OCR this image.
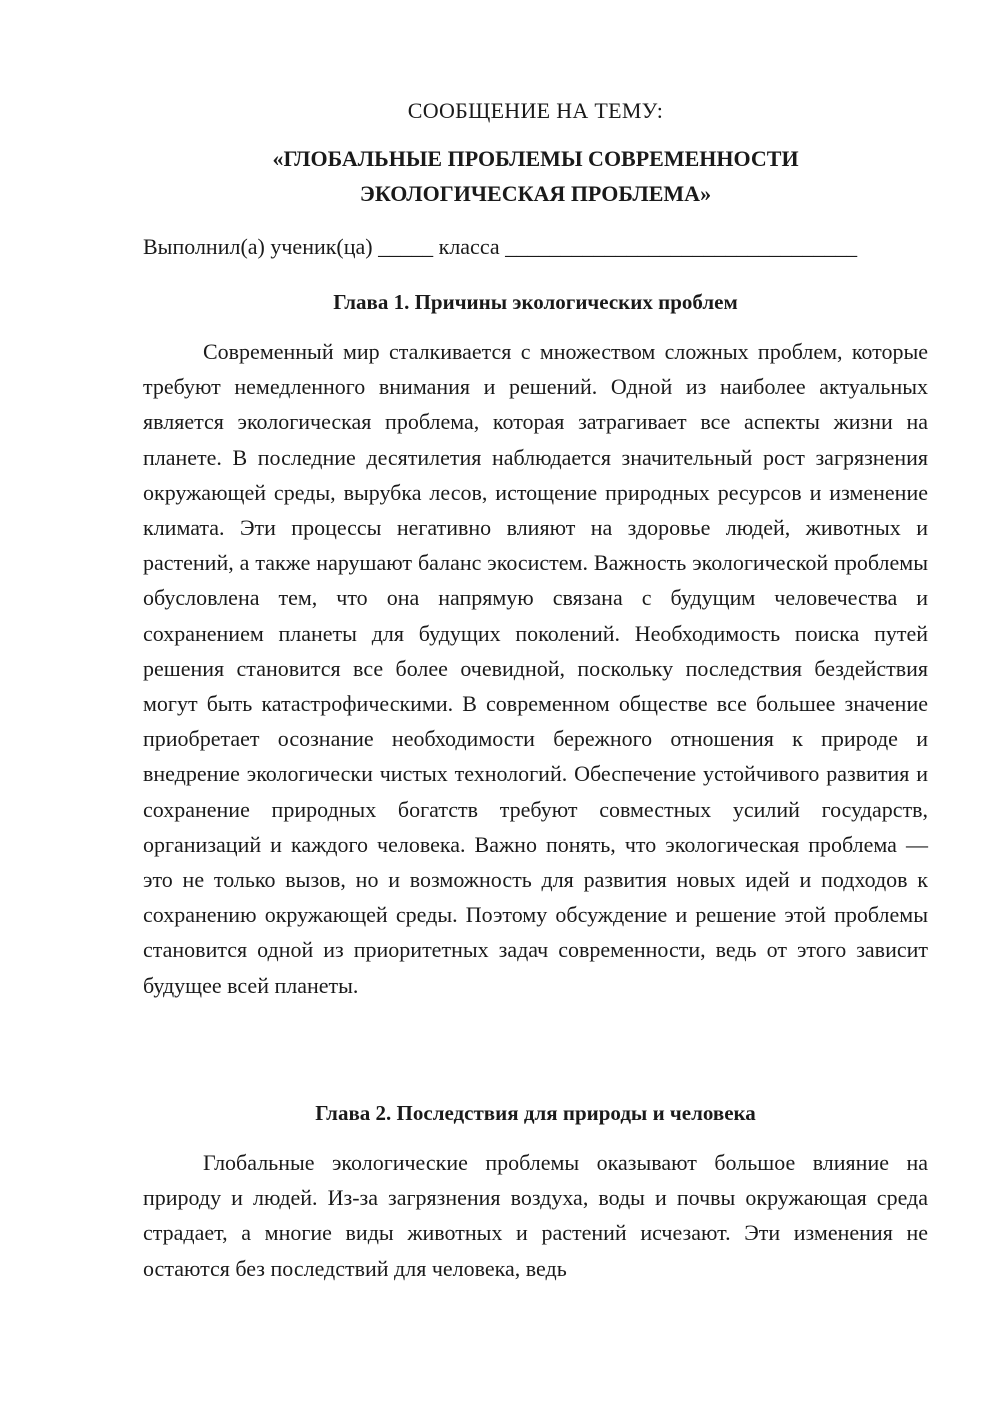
СООБЩЕНИЕ НА ТЕМУ:
«ГЛОБАЛЬНЫЕ ПРОБЛЕМЫ СОВРЕМЕННОСТИ
ЭКОЛОГИЧЕСКАЯ ПРОБЛЕМА»
Выполнил(а) ученик(ца) _____ класса ________________________________
Глава 1. Причины экологических проблем

Современный мир сталкивается с множеством сложных проблем, которые требуют немедленного внимания и решений. Одной из наиболее актуальных является экологическая проблема, которая затрагивает все аспекты жизни на планете. В последние десятилетия наблюдается значительный рост загрязнения окружающей среды, вырубка лесов, истощение природных ресурсов и изменение климата. Эти процессы негативно влияют на здоровье людей, животных и растений, а также нарушают баланс экосистем. Важность экологической проблемы обусловлена тем, что она напрямую связана с будущим человечества и сохранением планеты для будущих поколений. Необходимость поиска путей решения становится все более очевидной, поскольку последствия бездействия могут быть катастрофическими. В современном обществе все большее значение приобретает осознание необходимости бережного отношения к природе и внедрение экологически чистых технологий. Обеспечение устойчивого развития и сохранение природных богатств требуют совместных усилий государств, организаций и каждого человека. Важно понять, что экологическая проблема — это не только вызов, но и возможность для развития новых идей и подходов к сохранению окружающей среды. Поэтому обсуждение и решение этой проблемы становится одной из приоритетных задач современности, ведь от этого зависит будущее всей планеты.

Глава 2. Последствия для природы и человека

Глобальные экологические проблемы оказывают большое влияние на природу и людей. Из-за загрязнения воздуха, воды и почвы окружающая среда страдает, а многие виды животных и растений исчезают. Эти изменения не остаются без последствий для человека, ведь
